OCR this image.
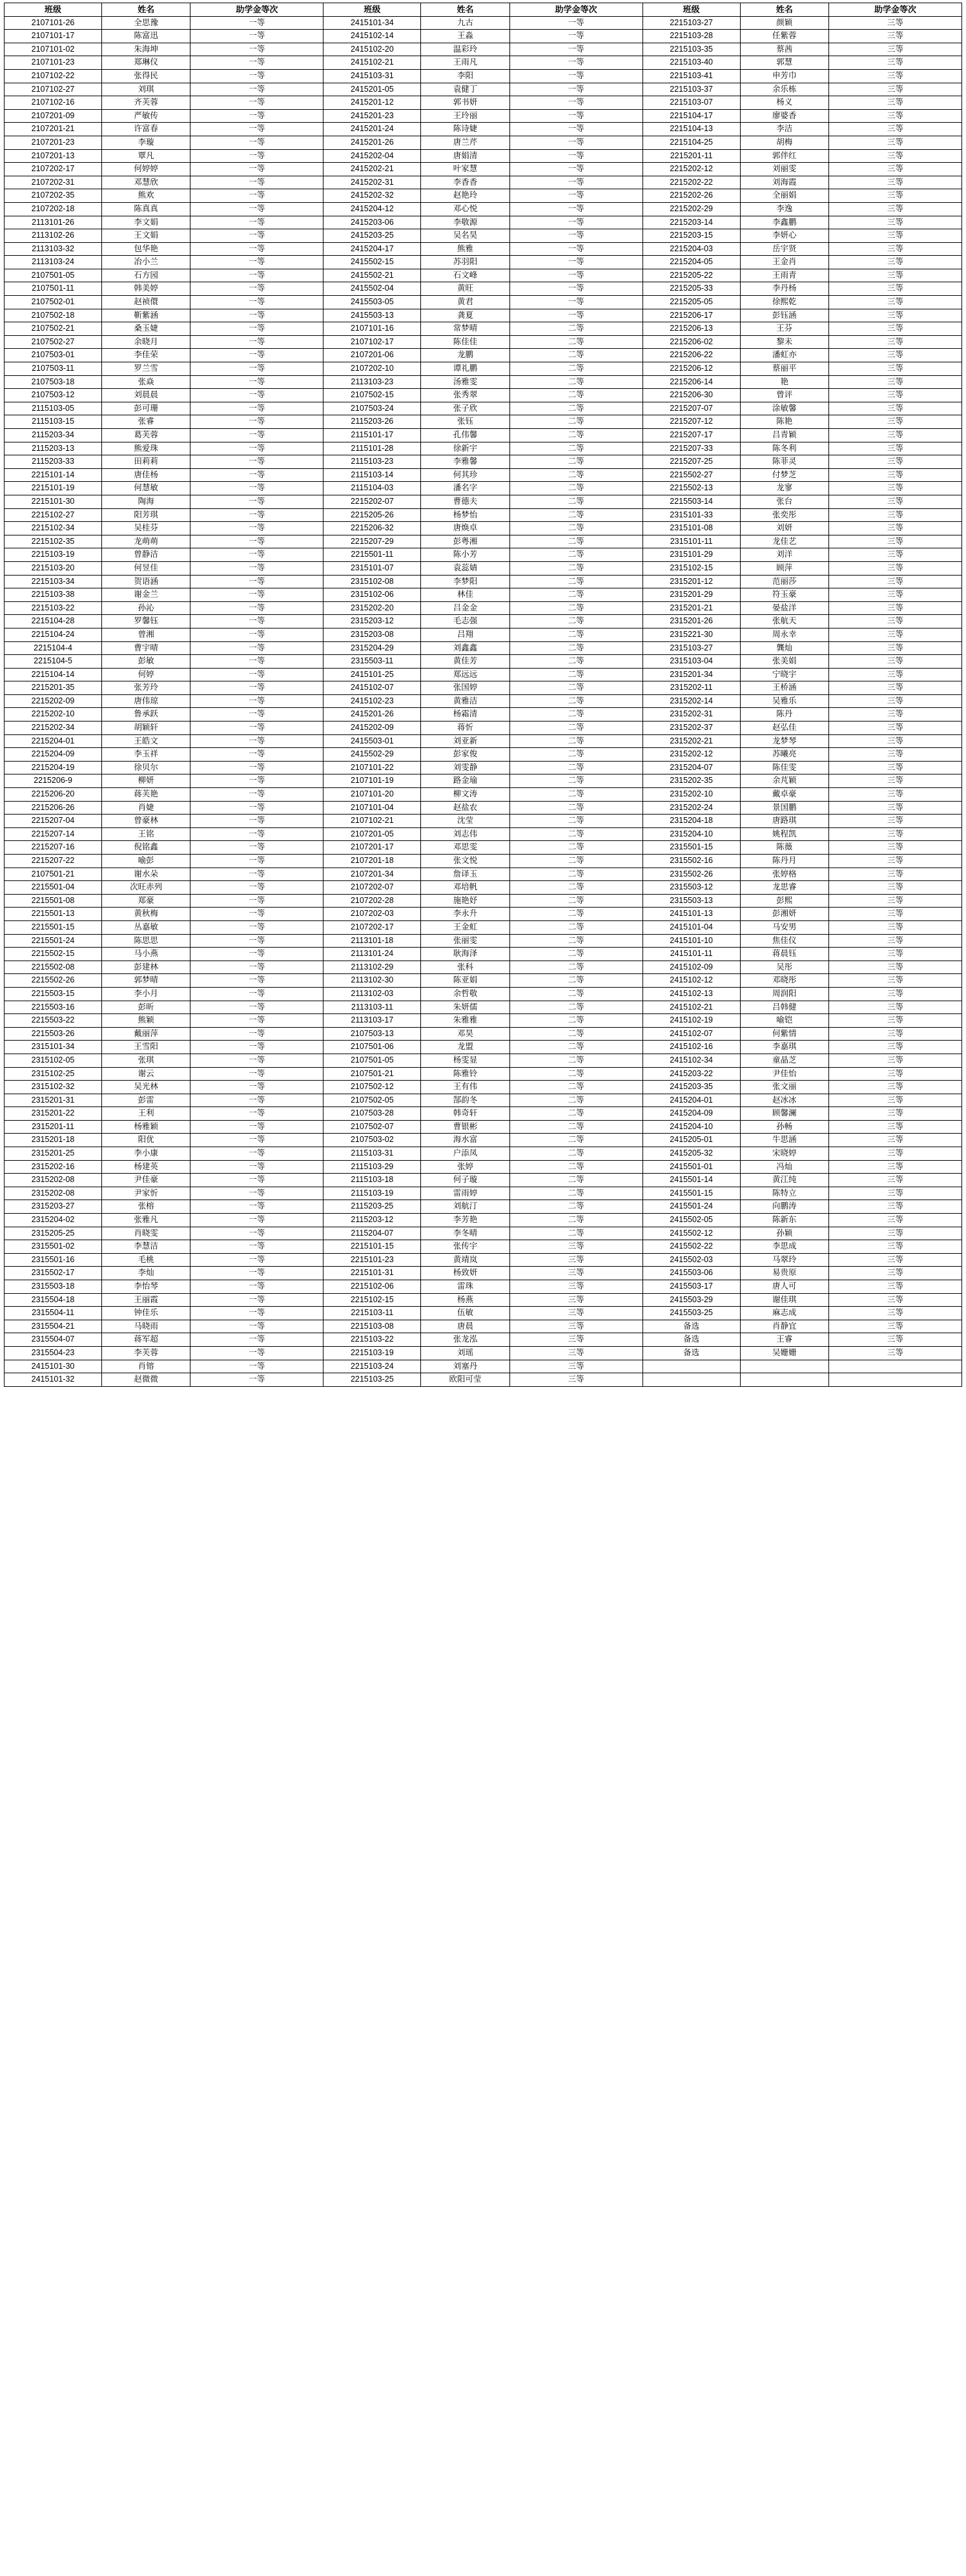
班级	姓名	助学金等次	班级	姓名	助学金等次	班级	姓名	助学金等次
2107101-26	全思豫	一等	2415101-34	九古	一等	2215103-27	颜颖	三等
2107101-17	陈富迅	一等	2415102-14	王淼	一等	2215103-28	任紫蓉	三等
2107101-02	朱海坤	一等	2415102-20	温彩玲	一等	2215103-35	蔡茜	三等
2107101-23	郑琳仪	一等	2415102-21	王雨凡	一等	2215103-40	郭慧	三等
2107102-22	张得民	一等	2415103-31	李阳	一等	2215103-41	申芳巾	三等
2107102-27	刘琪	一等	2415201-05	袁健丁	一等	2215103-37	余乐栋	三等
2107102-16	齐芙蓉	一等	2415201-12	郭书妍	一等	2215103-07	杨义	三等
2107201-09	严敏传	一等	2415201-23	王玲丽	一等	2215104-17	廖婆香	三等
2107201-21	许富春	一等	2415201-24	陈诗婕	一等	2215104-13	李洁	三等
2107201-23	李璇	一等	2415201-26	唐兰芹	一等	2215104-25	胡梅	三等
2107201-13	覃凡	一等	2415202-04	唐娟清	一等	2215201-11	郭伴红	三等
2107202-17	何婷婷	一等	2415202-21	叶家慧	一等	2215202-12	刘丽雯	三等
2107202-31	邓慧欣	一等	2415202-31	李香香	一等	2215202-22	刘海霞	三等
2107202-35	熊欢	一等	2415202-32	赵艳玲	一等	2215202-26	全丽娟	三等
2107202-18	陈真真	一等	2415204-12	邓心悦	一等	2215202-29	李逸	三等
2113101-26	李文娟	一等	2415203-06	李敬源	一等	2215203-14	李鑫鹏	三等
2113102-26	王文娟	一等	2415203-25	吴名昊	一等	2215203-15	李妍心	三等
2113103-32	包华艳	一等	2415204-17	熊雅	一等	2215204-03	岳宇贤	三等
2113103-24	冶小兰	一等	2415502-15	苏羽阳	一等	2215204-05	王金肖	三等
2107501-05	石方园	一等	2415502-21	石文峰	一等	2215205-22	王雨青	三等
2107501-11	韩美婷	一等	2415502-04	黄旺	一等	2215205-33	李丹杨	三等
2107502-01	赵祯儇	一等	2415503-05	黄君	一等	2215205-05	徐熙乾	三等
2107502-18	靳紫涵	一等	2415503-13	龚夏	一等	2215206-17	彭钰涵	三等
2107502-21	桑玉婕	一等	2107101-16	常梦晴	二等	2215206-13	王芬	三等
2107502-27	余晓月	一等	2107102-17	陈佳佳	二等	2215206-02	黎未	三等
2107503-01	李佳荣	一等	2107201-06	龙鹏	二等	2215206-22	潘虹亦	三等
2107503-11	罗兰雪	一等	2107202-10	谭礼鹏	二等	2215206-12	蔡丽平	三等
2107503-18	张焱	一等	2113103-23	汤雅雯	二等	2215206-14	艳	三等
2107503-12	刘晨晨	一等	2107502-15	张秀翠	二等	2215206-30	曾评	三等
2115103-05	彭可珊	一等	2107503-24	张子欣	二等	2215207-07	涂敏馨	三等
2115103-15	张睿	一等	2115203-26	张钰	二等	2215207-12	陈艳	三等
2115203-34	葛芙蓉	一等	2115101-17	孔伟馨	二等	2215207-17	吕青颖	三等
2115203-13	熊爱珠	一等	2115101-28	徐新宇	二等	2215207-33	陈冬利	三等
2115203-33	田莉莉	一等	2115103-23	李雅馨	二等	2215207-25	陈菲灵	三等
2215101-14	唐佳杨	一等	2115103-14	何其珍	二等	2215502-27	付梦芝	三等
2215101-19	何慧敏	一等	2115104-03	潘名字	二等	2215502-13	龙寥	三等
2215101-30	陶海	一等	2215202-07	曹德夫	二等	2215503-14	张台	三等
2215102-27	阳芳琪	一等	2215205-26	杨梦怡	二等	2315101-33	张奕彤	三等
2215102-34	吴桂芬	一等	2215206-32	唐焕卓	二等	2315101-08	刘妍	三等
2215102-35	龙萌萌	一等	2215207-29	彭粤湘	二等	2315101-11	龙佳艺	三等
2215103-19	曾静洁	一等	2215501-11	陈小芳	二等	2315101-29	刘洋	三等
2215103-20	何昱佳	一等	2315101-07	袁蕊婧	二等	2315102-15	顾萍	三等
2215103-34	贺语涵	一等	2315102-08	李梦阳	二等	2315201-12	范丽莎	三等
2215103-38	谢金兰	一等	2315102-06	林佳	二等	2315201-29	符玉豪	三等
2215103-22	孙沁	一等	2315202-20	吕金金	二等	2315201-21	晏盐洋	三等
2215104-28	罗馨钰	一等	2315203-12	毛志强	二等	2315201-26	张航天	三等
2215104-24	曾湘	一等	2315203-08	吕翔	二等	2315221-30	周永幸	三等
2215104-4	曹宇晴	一等	2315204-29	刘鑫鑫	二等	2315103-27	龔灿	三等
2215104-5	彭敏	一等	2315503-11	黄佳芳	二等	2315103-04	张美娟	三等
2215104-14	何婷	一等	2415101-25	郑远远	二等	2315201-34	宁晓宇	三等
2215201-35	张芳玲	一等	2415102-07	张国婷	二等	2315202-11	王桥涵	三等
2215202-09	唐伟琼	一等	2415102-23	黄雅洁	二等	2315202-14	吴雅乐	三等
2215202-10	鲁承跃	一等	2415201-26	杨霜清	二等	2315202-31	陈丹	三等
2215202-34	胡颖轩	一等	2415202-09	蒋忻	二等	2315202-37	赵弘佳	三等
2215204-01	王皓文	一等	2415503-01	刘亚新	二等	2315202-21	龙梦琴	三等
2215204-09	李玉祥	一等	2415502-29	彭家俊	二等	2315202-12	苏曦亮	三等
2215204-19	徐贝尔	一等	2107101-22	刘雯静	二等	2315204-07	陈佳雯	三等
2215206-9	柳妍	一等	2107101-19	路金瑜	二等	2315202-35	余芃颖	三等
2215206-20	蒋芙艳	一等	2107101-20	柳文涛	二等	2315202-10	戴卓豪	三等
2215206-26	肖婕	一等	2107101-04	赵盐农	二等	2315202-24	景国鹏	三等
2215207-04	曾豪林	一等	2107102-21	沈莹	二等	2315204-18	唐路琪	三等
2215207-14	王铭	一等	2107201-05	刘志伟	二等	2315204-10	姚程凯	三等
2215207-16	倪铭鑫	一等	2107201-17	邓思雯	二等	2315501-15	陈薇	三等
2215207-22	喻彭	一等	2107201-18	张文悦	二等	2315502-16	陈丹月	三等
2107501-21	谢水朵	一等	2107201-34	詹译玉	二等	2315502-26	张婷格	三等
2215501-04	次旺赤列	一等	2107202-07	邓培帆	二等	2315503-12	龙思睿	三等
2215501-08	郑豪	一等	2107202-28	施艳妤	二等	2315503-13	彭熙	三等
2215501-13	黄秋梅	一等	2107202-03	李永升	二等	2415101-13	彭湘妍	三等
2215501-15	丛嘉敏	一等	2107202-17	王金虹	二等	2415101-04	马安男	三等
2215501-24	陈思思	一等	2113101-18	张丽雯	二等	2415101-10	焦佳仪	三等
2215502-15	马小燕	一等	2113101-24	耿海泽	二等	2415101-11	蒋晨钰	三等
2215502-08	彭建林	一等	2113102-29	张科	二等	2415102-09	吴彤	三等
2215502-26	郭梦晴	一等	2113102-30	陈亚娟	二等	2415102-12	邓晓彤	三等
2215503-15	李小月	一等	2113102-03	余哲敬	二等	2415102-13	周润阳	三等
2215503-16	彭昕	一等	2113103-11	朱妍儒	二等	2415102-21	吕韩健	三等
2215503-22	熊颖	一等	2113103-17	朱雅雅	二等	2415102-19	喻铠	三等
2215503-26	戴丽萍	一等	2107503-13	邓昊	二等	2415102-07	何紫情	三等
2315101-34	王雪阳	一等	2107501-06	龙盟	二等	2415102-16	李嘉琪	三等
2315102-05	张琪	一等	2107501-05	杨雯显	二等	2415102-34	童晶芝	三等
2315102-25	谢云	一等	2107501-21	陈雅铃	二等	2415203-22	尹佳怡	三等
2315102-32	吴光林	一等	2107502-12	王有伟	二等	2415203-35	张文丽	三等
2315201-31	彭雷	一等	2107502-05	郜韵冬	二等	2415204-01	赵冰冰	三等
2315201-22	王利	一等	2107503-28	韩奇轩	二等	2415204-09	顾馨澜	三等
2315201-11	杨雅颖	一等	2107502-07	曹银彬	二等	2415204-10	孙畅	三等
2315201-18	阳优	一等	2107503-02	海水富	二等	2415205-01	牛思涵	三等
2315201-25	李小康	一等	2115103-31	户添凤	二等	2415205-32	宋晓婷	三等
2315202-16	杨建英	一等	2115103-29	张婷	二等	2415501-01	冯灿	三等
2315202-08	尹佳豪	一等	2115103-18	何子璇	二等	2415501-14	黄江纯	三等
2315202-08	尹家忻	一等	2115103-19	雷雨婷	二等	2415501-15	陈特立	三等
2315203-27	张榕	一等	2115203-25	刘航汀	二等	2415501-24	向鹏涛	三等
2315204-02	张雅凡	一等	2115203-12	李芳艳	二等	2415502-05	陈新东	三等
2315205-25	肖晓雯	一等	2115204-07	李冬晴	二等	2415502-12	孙颖	三等
2315501-02	李慧洁	一等	2215101-15	张传宇	三等	2415502-22	李思成	三等
2315501-16	毛桃	一等	2215101-23	黄靖岚	三等	2415502-03	马翠玲	三等
2315502-17	李灿	一等	2215101-31	杨致妍	三等	2415503-06	易贵原	三等
2315503-18	李怡琴	一等	2215102-06	雷珠	三等	2415503-17	唐人可	三等
2315504-18	王丽霞	一等	2215102-15	杨燕	三等	2415503-29	谢佳琪	三等
2315504-11	钟佳乐	一等	2215103-11	伍敏	三等	2415503-25	麻志成	三等
2315504-21	马晓雨	一等	2215103-08	唐晨	三等	备选	肖静宜	三等
2315504-07	蒋军超	一等	2215103-22	张龙泓	三等	备选	王睿	三等
2315504-23	李芙蓉	一等	2215103-19	刘瑶	三等	备选	吴姗姗	三等
2415101-30	肖镕	一等	2215103-24	刘塞丹	三等			
2415101-32	赵微微	一等	2215103-25	欧阳可莹	三等			
